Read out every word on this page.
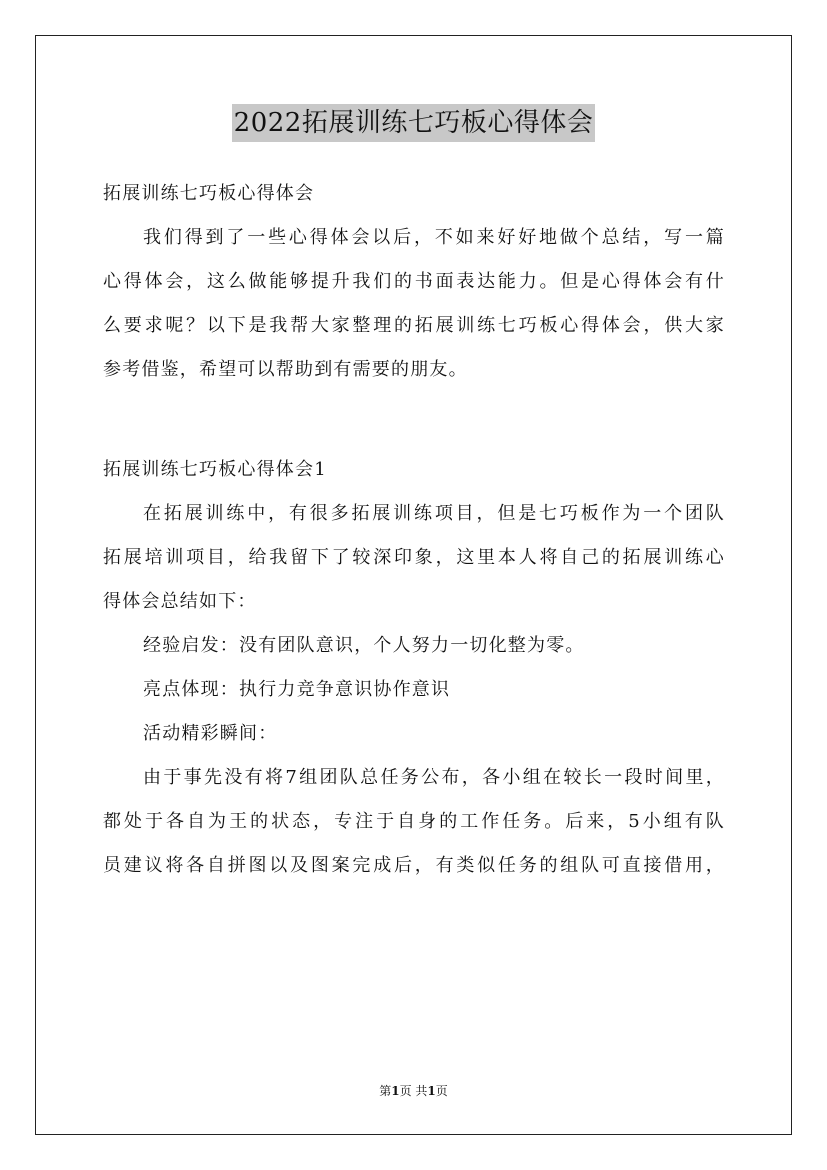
2022拓展训练七巧板心得体会
拓展训练七巧板心得体会
我们得到了一些心得体会以后，不如来好好地做个总结，写一篇
心得体会，这么做能够提升我们的书面表达能力。但是心得体会有什
么要求呢？以下是我帮大家整理的拓展训练七巧板心得体会，供大家
参考借鉴，希望可以帮助到有需要的朋友。
拓展训练七巧板心得体会1
在拓展训练中，有很多拓展训练项目，但是七巧板作为一个团队
拓展培训项目，给我留下了较深印象，这里本人将自己的拓展训练心
得体会总结如下：
经验启发：没有团队意识，个人努力一切化整为零。
亮点体现：执行力竞争意识协作意识
活动精彩瞬间：
由于事先没有将7组团队总任务公布，各小组在较长一段时间里，
都处于各自为王的状态，专注于自身的工作任务。后来，5小组有队
员建议将各自拼图以及图案完成后，有类似任务的组队可直接借用，
第1页 共1页
